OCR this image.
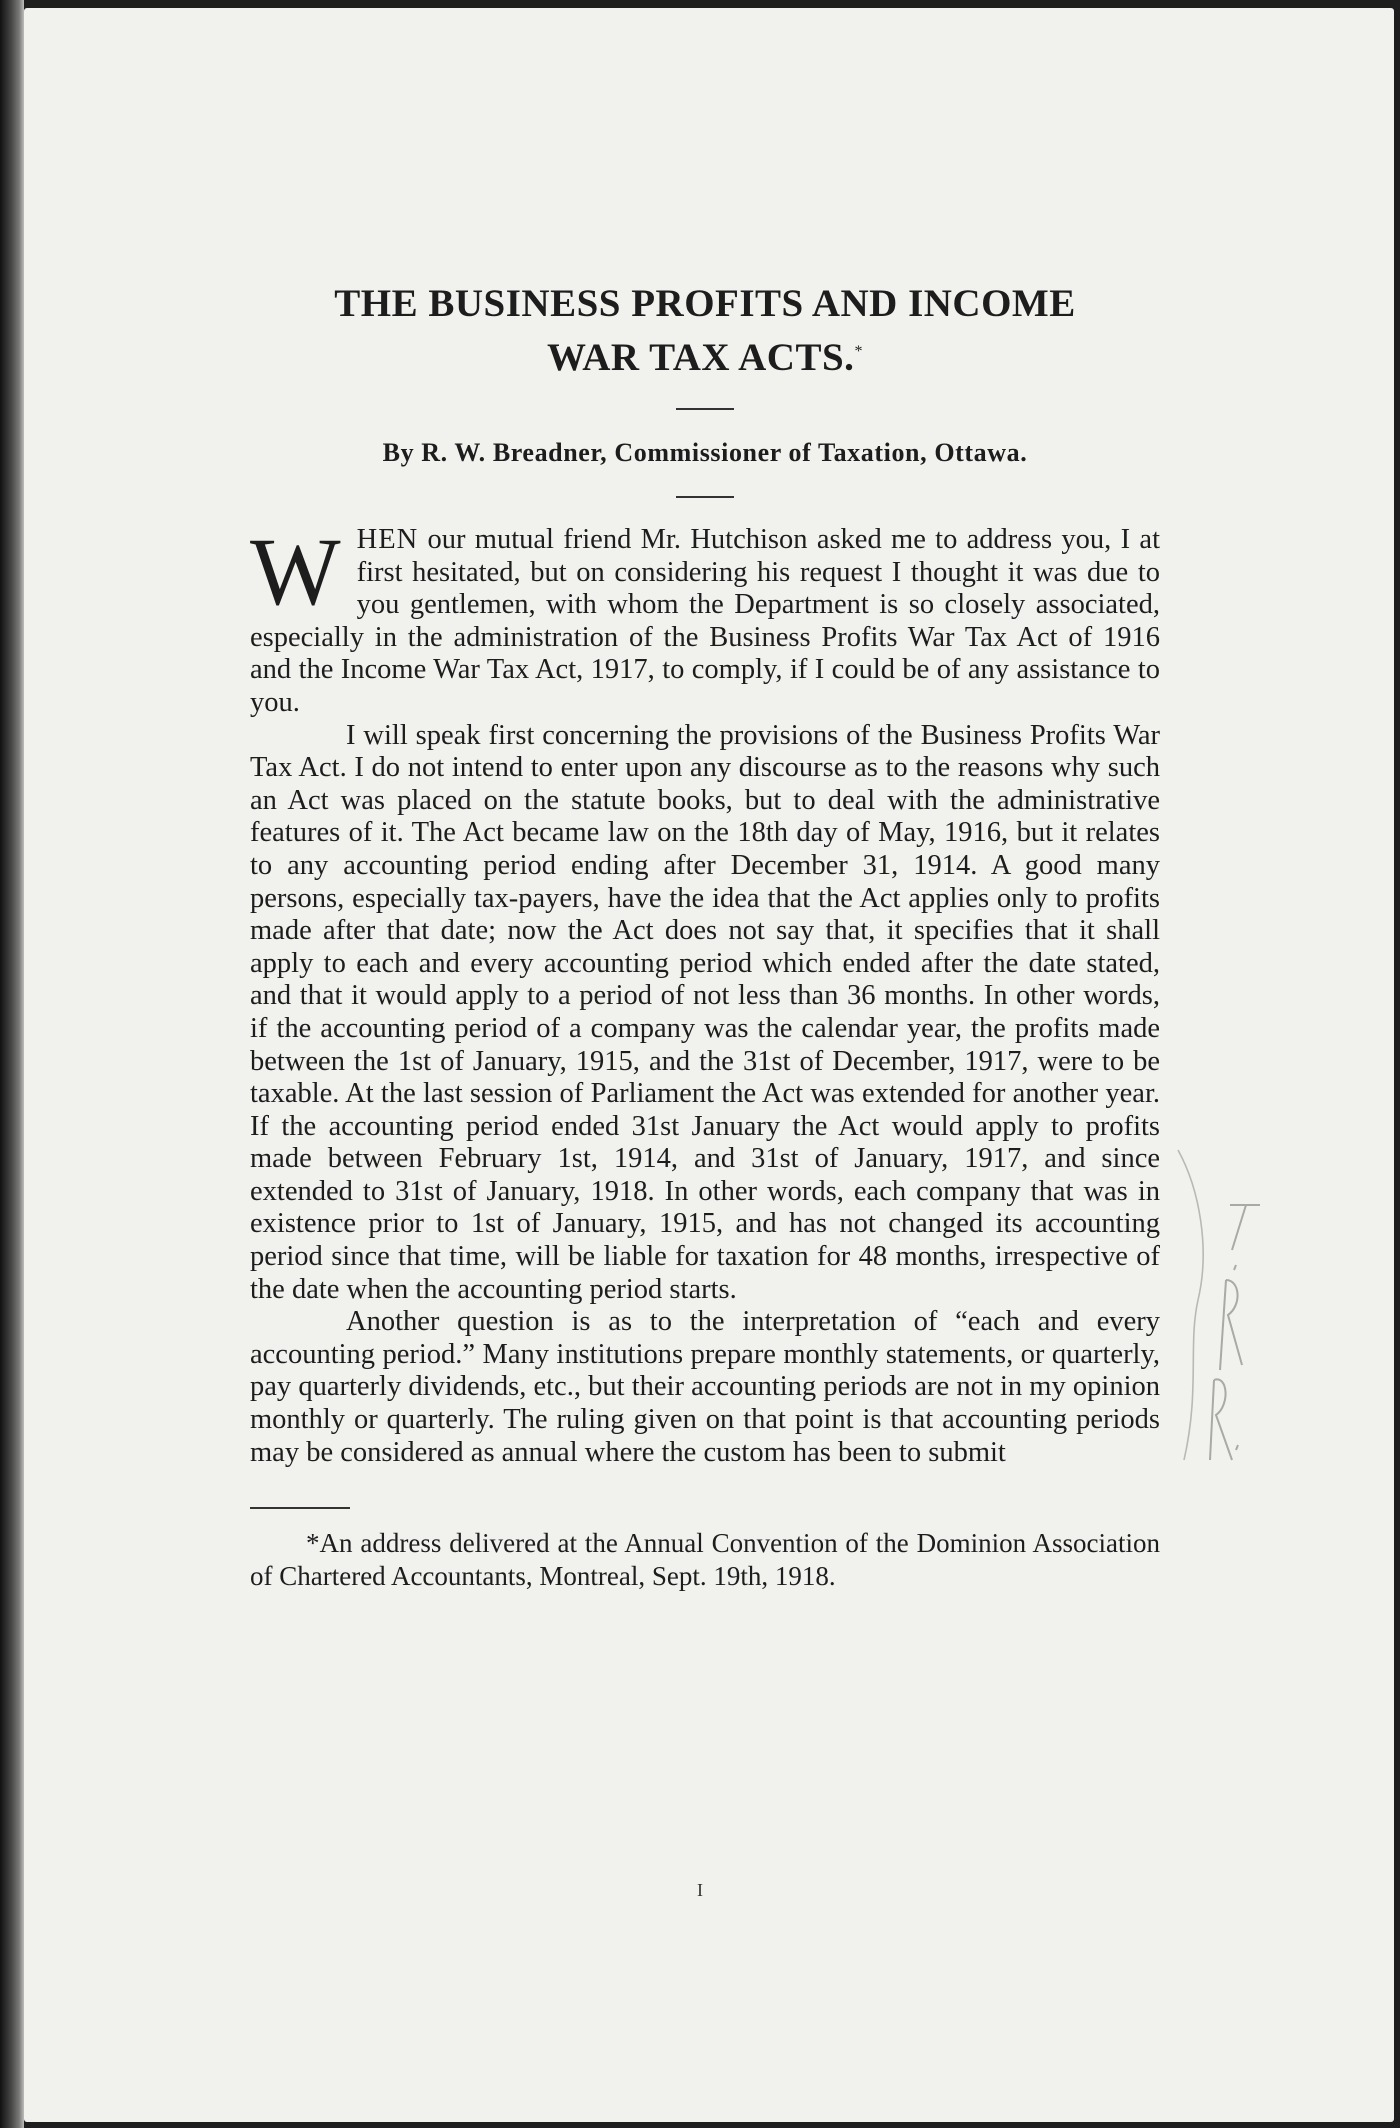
THE BUSINESS PROFITS AND INCOME
WAR TAX ACTS.*

By R. W. Breadner, Commissioner of Taxation, Ottawa.

WHEN our mutual friend Mr. Hutchison asked me to address you, I at first hesitated, but on considering his request I thought it was due to you gentlemen, with whom the Department is so closely associated, especially in the administration of the Business Profits War Tax Act of 1916 and the Income War Tax Act, 1917, to comply, if I could be of any assistance to you.

I will speak first concerning the provisions of the Business Profits War Tax Act. I do not intend to enter upon any discourse as to the reasons why such an Act was placed on the statute books, but to deal with the administrative features of it. The Act became law on the 18th day of May, 1916, but it relates to any accounting period ending after December 31, 1914. A good many persons, especially tax-payers, have the idea that the Act applies only to profits made after that date; now the Act does not say that, it specifies that it shall apply to each and every accounting period which ended after the date stated, and that it would apply to a period of not less than 36 months. In other words, if the accounting period of a company was the calendar year, the profits made between the 1st of January, 1915, and the 31st of December, 1917, were to be taxable. At the last session of Parliament the Act was extended for another year. If the accounting period ended 31st January the Act would apply to profits made between February 1st, 1914, and 31st of January, 1917, and since extended to 31st of January, 1918. In other words, each company that was in existence prior to 1st of January, 1915, and has not changed its accounting period since that time, will be liable for taxation for 48 months, irrespective of the date when the accounting period starts.

Another question is as to the interpretation of “each and every accounting period.” Many institutions prepare monthly statements, or quarterly, pay quarterly dividends, etc., but their accounting periods are not in my opinion monthly or quarterly. The ruling given on that point is that accounting periods may be considered as annual where the custom has been to submit

*An address delivered at the Annual Convention of the Dominion Association of Chartered Accountants, Montreal, Sept. 19th, 1918.

I
